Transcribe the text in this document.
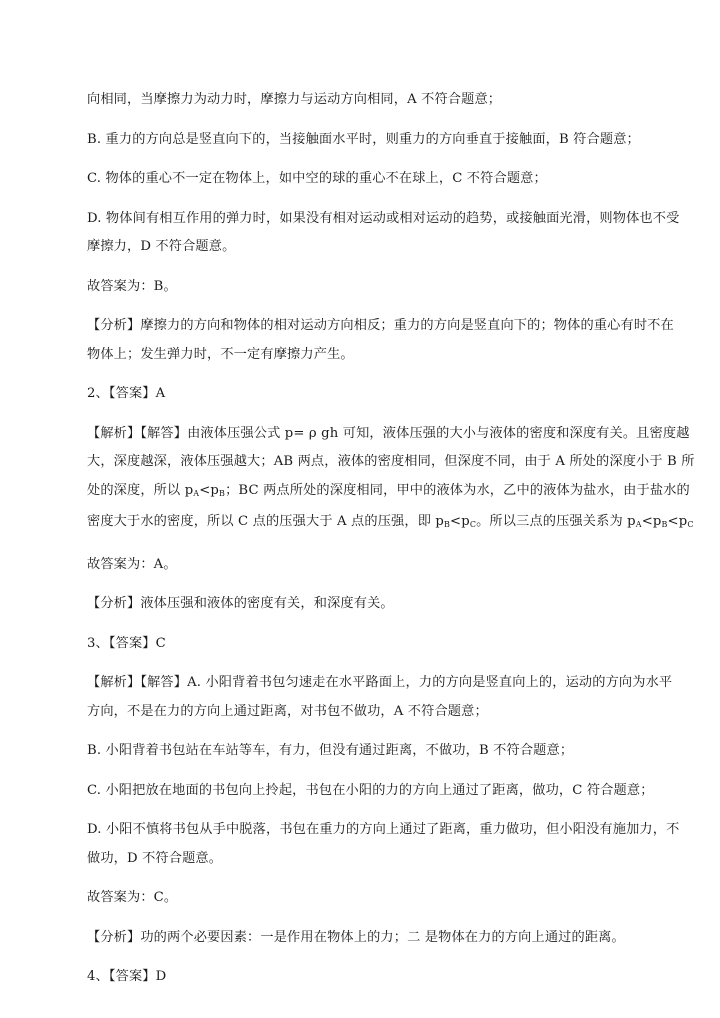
向相同，当摩擦力为动力时，摩擦力与运动方向相同，A 不符合题意；

B. 重力的方向总是竖直向下的，当接触面水平时，则重力的方向垂直于接触面，B 符合题意；

C. 物体的重心不一定在物体上，如中空的球的重心不在球上，C 不符合题意；

D. 物体间有相互作用的弹力时，如果没有相对运动或相对运动的趋势，或接触面光滑，则物体也不受
摩擦力，D 不符合题意。

故答案为：B。

【分析】摩擦力的方向和物体的相对运动方向相反；重力的方向是竖直向下的；物体的重心有时不在
物体上；发生弹力时，不一定有摩擦力产生。

2、【答案】A

【解析】【解答】由液体压强公式 p= ρ gh 可知，液体压强的大小与液体的密度和深度有关。且密度越
大，深度越深，液体压强越大；AB 两点，液体的密度相同，但深度不同，由于 A 所处的深度小于 B 所
处的深度，所以 $p_A<p_B$；BC 两点所处的深度相同，甲中的液体为水，乙中的液体为盐水，由于盐水的
密度大于水的密度，所以 C 点的压强大于 A 点的压强，即 $p_B<p_C$。所以三点的压强关系为 $p_A<p_B<p_C$

故答案为：A。

【分析】液体压强和液体的密度有关，和深度有关。

3、【答案】C

【解析】【解答】A. 小阳背着书包匀速走在水平路面上，力的方向是竖直向上的，运动的方向为水平
方向，不是在力的方向上通过距离，对书包不做功，A 不符合题意；

B. 小阳背着书包站在车站等车，有力，但没有通过距离，不做功，B 不符合题意；

C. 小阳把放在地面的书包向上拎起，书包在小阳的力的方向上通过了距离，做功，C 符合题意；

D. 小阳不慎将书包从手中脱落，书包在重力的方向上通过了距离，重力做功，但小阳没有施加力，不
做功，D 不符合题意。

故答案为：C。

【分析】功的两个必要因素：一是作用在物体上的力；二 是物体在力的方向上通过的距离。

4、【答案】D
